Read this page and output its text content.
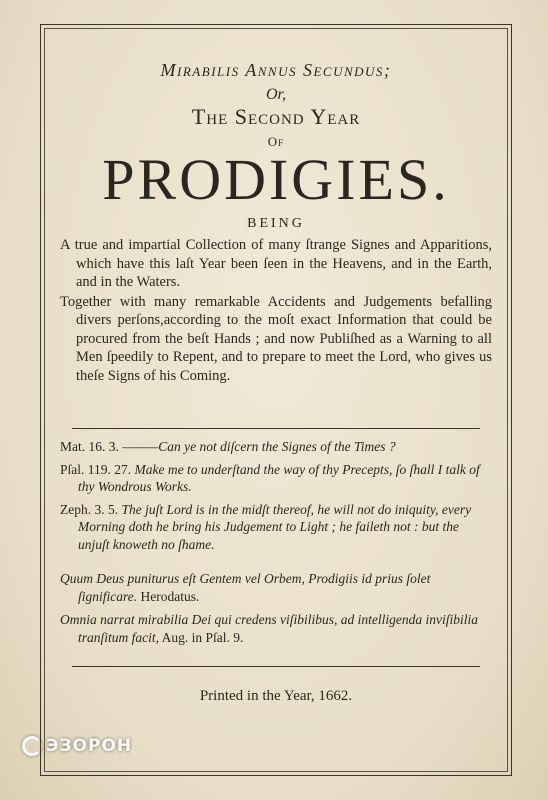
Mirabilis Annus Secundus;
Or,
The Second Year
Of
PRODIGIES.
BEING

A true and impartial Collection of many ſtrange Signes and Apparitions, which have this laſt Year been ſeen in the Heavens, and in the Earth, and in the Waters.

Together with many remarkable Accidents and Judgements befalling divers perſons,according to the moſt exact Information that could be procured from the beſt Hands ; and now Publiſhed as a Warning to all Men ſpeedily to Repent, and to prepare to meet the Lord, who gives us theſe Signs of his Coming.

Mat. 16. 3. ———Can ye not diſcern the Signes of the Times ?
Pſal. 119. 27. Make me to underſtand the way of thy Precepts, ſo ſhall I talk of thy Wondrous Works.
Zeph. 3. 5. The juſt Lord is in the midſt thereof, he will not do iniquity, every Morning doth he bring his Judgement to Light ; he faileth not : but the unjuſt knoweth no ſhame.
Quum Deus puniturus eſt Gentem vel Orbem, Prodigiis id prius ſolet ſignificare. Herodatus.
Omnia narrat mirabilia Dei qui credens viſibilibus, ad intelligenda inviſibilia tranſitum facit, Aug. in Pſal. 9.
Printed in the Year, 1662.
ЭЗОРОН
